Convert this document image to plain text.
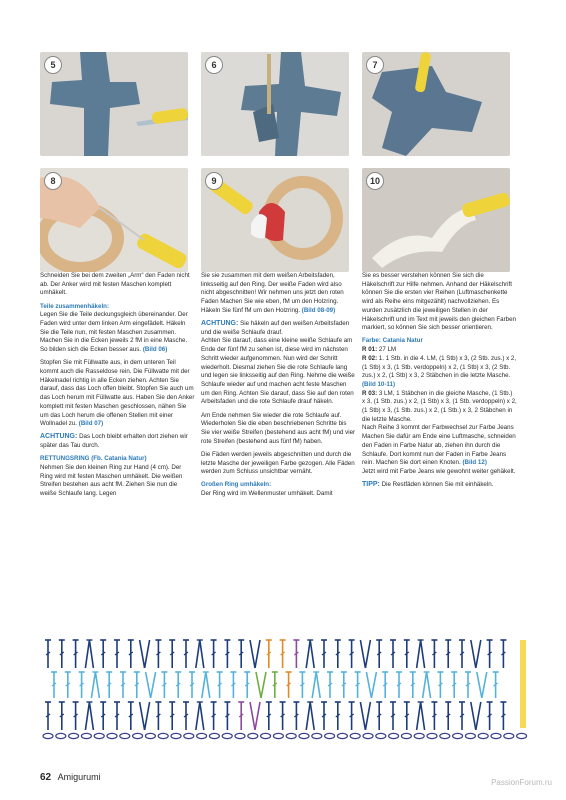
5	6	7
8	9	10

Schneiden Sie bei dem zweiten „Arm“ den Faden nicht ab. Der Anker wird mit festen Maschen komplett umhäkelt.

Teile zusammenhäkeln:

Legen Sie die Teile deckungsgleich übereinander. Der Faden wird unter dem linken Arm eingefädelt. Häkeln Sie die Teile nun, mit festen Maschen zusammen. Machen Sie in die Ecken jeweils 2 fM in eine Masche. So bilden sich die Ecken besser aus. (Bild 06)

Stopfen Sie mit Füllwatte aus, in dem unteren Teil kommt auch die Rasseldose rein. Die Füllwatte mit der Häkelnadel richtig in alle Ecken ziehen. Achten Sie darauf, dass das Loch offen bleibt. Stopfen Sie auch um das Loch herum mit Füllwatte aus. Haben Sie den Anker komplett mit festen Maschen geschlossen, nähen Sie um das Loch herum die offenen Stellen mit einer Wollnadel zu. (Bild 07)

ACHTUNG: Das Loch bleibt erhalten dort ziehen wir später das Tau durch.

RETTUNGSRING (Fb. Catania Natur)

Nehmen Sie den kleinen Ring zur Hand (4 cm). Der Ring wird mit festen Maschen umhäkelt. Die weißen Streifen bestehen aus acht fM. Ziehen Sie nun die weiße Schlaufe lang. Legen

Sie sie zusammen mit dem weißen Arbeitsfaden, linksseitig auf den Ring. Der weiße Faden wird also nicht abgeschnitten! Wir nehmen uns jetzt den roten Faden Machen Sie wie eben, fM um den Holzring. Häkeln Sie fünf fM um den Holzring. (Bild 08-09)

ACHTUNG: Sie häkeln auf den weißen Arbeitsfaden und die weiße Schlaufe drauf.

Achten Sie darauf, dass eine kleine weiße Schlaufe am Ende der fünf fM zu sehen ist, diese wird im nächsten Schritt wieder aufgenommen. Nun wird der Schritt wiederholt. Diesmal ziehen Sie die rote Schlaufe lang und legen sie linksseitig auf den Ring. Nehme die weiße Schlaufe wieder auf und machen acht feste Maschen um den Ring. Achten Sie darauf, dass Sie auf den roten Arbeitsfaden und die rote Schlaufe drauf häkeln.

Am Ende nehmen Sie wieder die rote Schlaufe auf. Wiederholen Sie die eben beschriebenen Schritte bis Sie vier weiße Streifen (bestehend aus acht fM) und vier rote Streifen (bestehend aus fünf fM) haben.

Die Fäden werden jeweils abgeschnitten und durch die letzte Masche der jeweiligen Farbe gezogen. Alle Fäden werden zum Schluss unsichtbar vernäht.

Großen Ring umhäkeln:

Der Ring wird im Wellenmuster umhäkelt. Damit

Sie es besser verstehen können Sie sich die Häkelschrift zur Hilfe nehmen. Anhand der Häkelschrift können Sie die ersten vier Reihen (Luftmaschenkette wird als Reihe eins mitgezählt) nachvollziehen. Es wurden zusätzlich die jeweiligen Stellen in der Häkelschrift und im Text mit jeweils den gleichen Farben markiert, so können Sie sich besser orientieren.

Farbe: Catania Natur

R 01: 27 LM

R 02: 1. 1 Stb. in die 4. LM, (1 Stb) x 3, (2 Stb. zus.) x 2, (1 Stb) x 3, (1 Stb. verdoppeln) x 2, (1 Stb) x 3, (2 Stb. zus.) x 2, (1 Stb) x 3, 2 Stäbchen in die letzte Masche. (Bild 10-11)

R 03: 3 LM, 1 Stäbchen in die gleiche Masche, (1 Stb.) x 3, (1 Stb. zus.) x 2, (1 Stb) x 3, (1 Stb. verdoppeln) x 2, (1 Stb) x 3, (1 Stb. zus.) x 2, (1 Stb.) x 3, 2 Stäbchen in die letzte Masche.

Nach Reihe 3 kommt der Farbwechsel zur Farbe Jeans

Machen Sie dafür am Ende eine Luftmasche, schneiden den Faden in Farbe Natur ab, ziehen ihn durch die Schlaufe. Dort kommt nun der Faden in Farbe Jeans rein. Machen Sie dort einen Knoten. (Bild 12)

Jetzt wird mit Farbe Jeans wie gewohnt weiter gehäkelt.

TIPP: Die Restfäden können Sie mit einhäkeln.

62 Amigurumi
PassionForum.ru
